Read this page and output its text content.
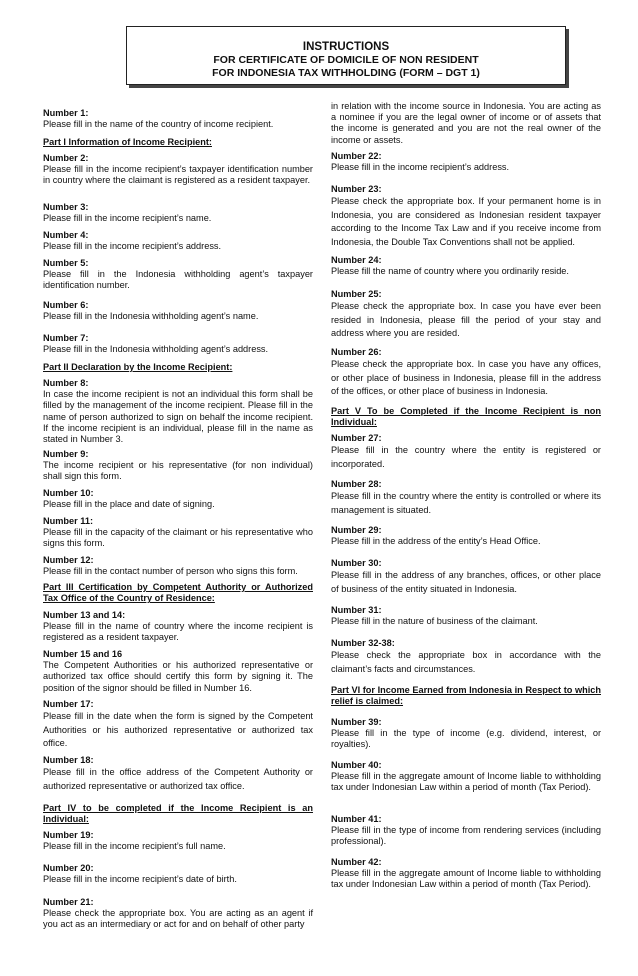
INSTRUCTIONS
FOR CERTIFICATE OF DOMICILE OF NON RESIDENT
FOR INDONESIA TAX WITHHOLDING (FORM – DGT 1)
Number 1:
Please fill in the name of the country of income recipient.
Part I Information of Income Recipient:
Number 2:
Please fill in the income recipient’s taxpayer identification number in country where the claimant is registered as a resident taxpayer.
Number 3:
Please fill in the income recipient’s name.
Number 4:
Please fill in the income recipient’s address.
Number 5:
Please fill in the Indonesia withholding agent’s taxpayer identification number.
Number 6:
Please fill in the Indonesia withholding agent’s name.
Number 7:
Please fill in the Indonesia withholding agent’s address.
Part II Declaration by the Income Recipient:
Number 8:
In case the income recipient is not an individual this form shall be filled by the management of the income recipient. Please fill in the name of person authorized to sign on behalf the income recipient. If the income recipient is an individual, please fill in the name as stated in Number 3.
Number 9:
The income recipient or his representative (for non individual) shall sign this form.
Number 10:
Please fill in the place and date of signing.
Number 11:
Please fill in the capacity of the claimant or his representative who signs this form.
Number 12:
Please fill in the contact number of person who signs this form.
Part III Certification by Competent Authority or Authorized Tax Office of the Country of Residence:
Number 13 and 14:
Please fill in the name of country where the income recipient is registered as a resident taxpayer.
Number 15 and 16
The Competent Authorities or his authorized representative or authorized tax office should certify this form by signing it. The position of the signor should be filled in Number 16.
Number 17:
Please fill in the date when the form is signed by the Competent Authorities or his authorized representative or authorized tax office.
Number 18:
Please fill in the office address of the Competent Authority or authorized representative or authorized tax office.
Part IV to be completed if the Income Recipient is an Individual:
Number 19:
Please fill in the income recipient’s full name.
Number 20:
Please fill in the income recipient’s date of birth.
Number 21:
Please check the appropriate box. You are acting as an agent if you act as an intermediary or act for and on behalf of other party
in relation with the income source in Indonesia. You are acting as a nominee if you are the legal owner of income or of assets that the income is generated and you are not the real owner of the income or assets.
Number 22:
Please fill in the income recipient’s address.
Number 23:
Please check the appropriate box. If your permanent home is in Indonesia, you are considered as Indonesian resident taxpayer according to the Income Tax Law and if you receive income from Indonesia, the Double Tax Conventions shall not be applied.
Number 24:
Please fill the name of country where you ordinarily reside.
Number 25:
Please check the appropriate box. In case you have ever been resided in Indonesia, please fill the period of your stay and address where you are resided.
Number 26:
Please check the appropriate box. In case you have any offices, or other place of business in Indonesia, please fill in the address of the offices, or other place of business in Indonesia.
Part V To be Completed if the Income Recipient is non Individual:
Number 27:
Please fill in the country where the entity is registered or incorporated.
Number 28:
Please fill in the country where the entity is controlled or where its management is situated.
Number 29:
Please fill in the address of the entity’s Head Office.
Number 30:
Please fill in the address of any branches, offices, or other place of business of the entity situated in Indonesia.
Number 31:
Please fill in the nature of business of the claimant.
Number 32-38:
Please check the appropriate box in accordance with the claimant’s facts and circumstances.
Part VI for Income Earned from Indonesia in Respect to which relief is claimed:
Number 39:
Please fill in the type of income (e.g. dividend, interest, or royalties).
Number 40:
Please fill in the aggregate amount of Income liable to withholding tax under Indonesian Law within a period of month (Tax Period).
Number 41:
Please fill in the type of income from rendering services (including professional).
Number 42:
Please fill in the aggregate amount of Income liable to withholding tax under Indonesian Law within a period of month (Tax Period).
